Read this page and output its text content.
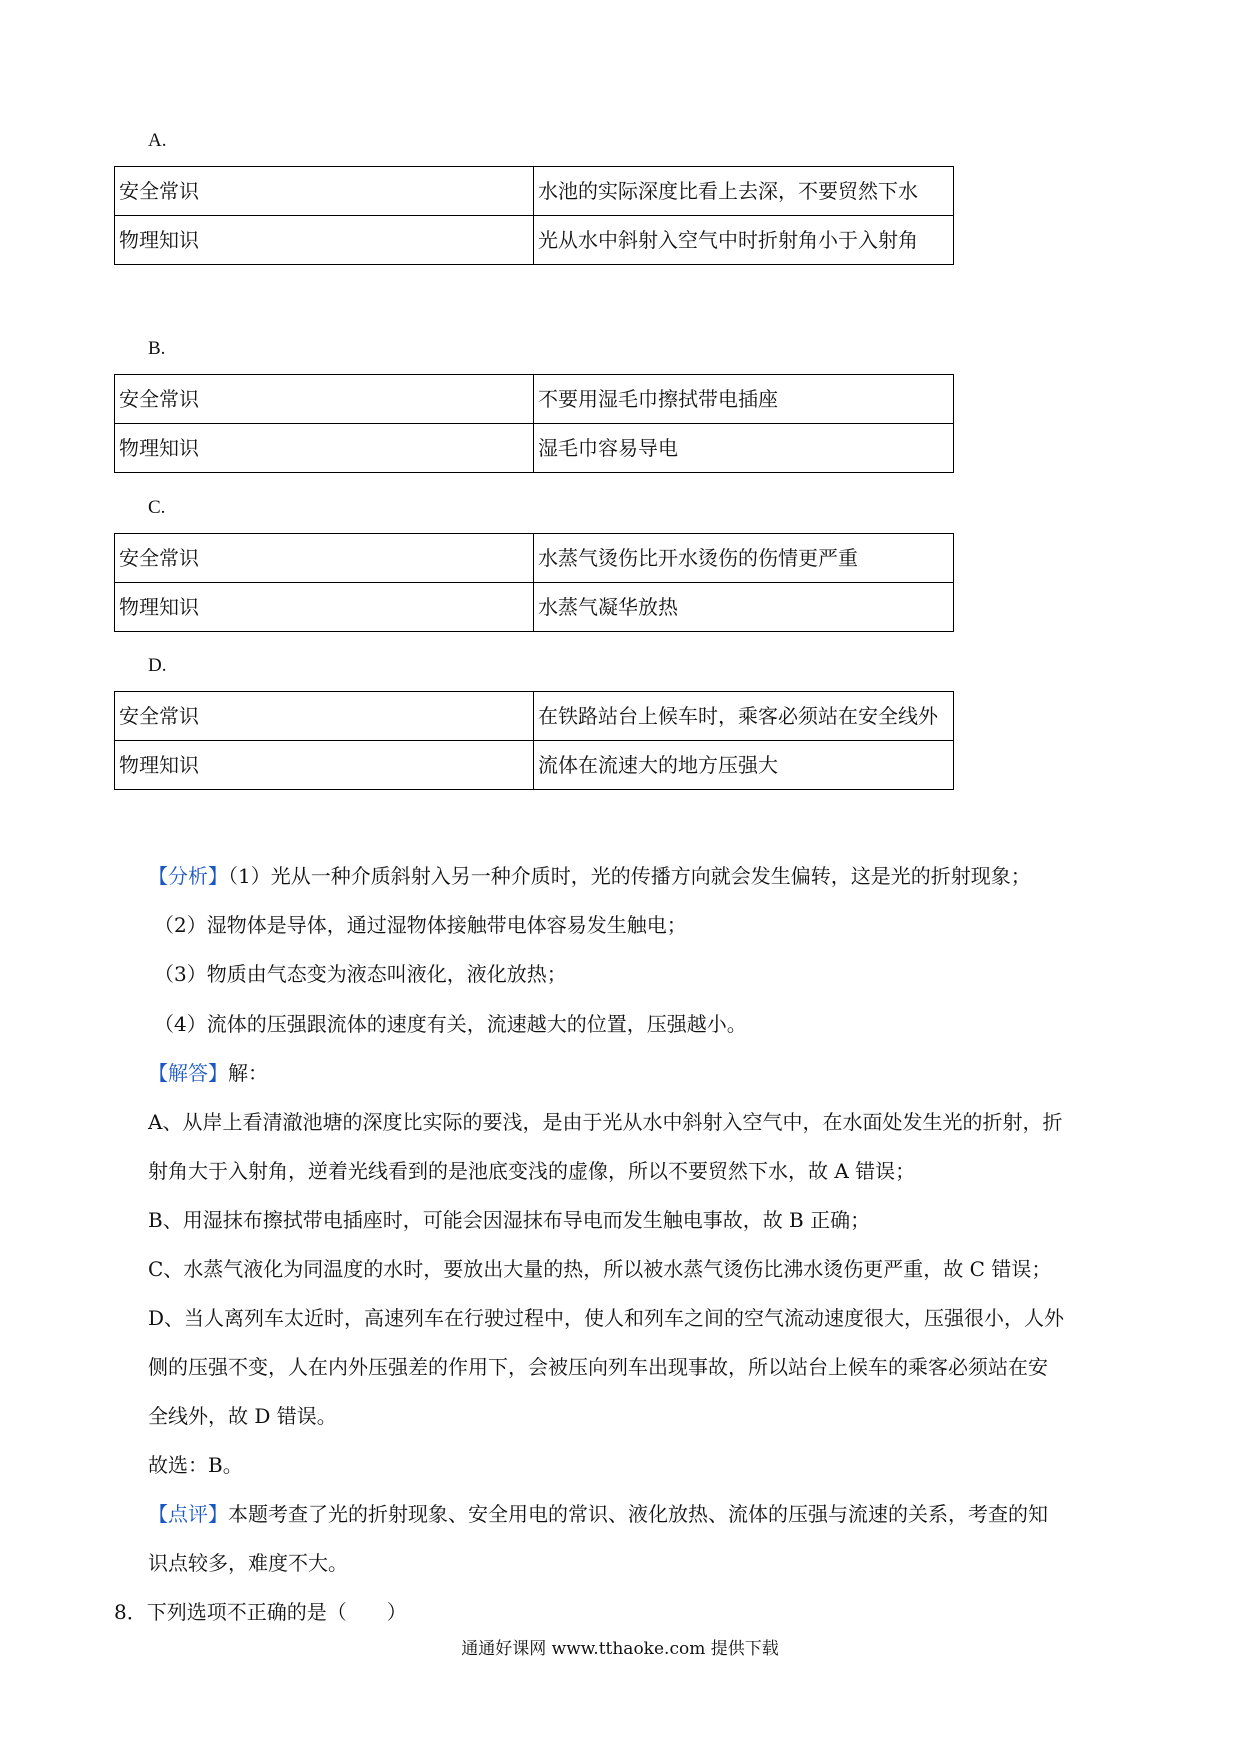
A.
安全常识	水池的实际深度比看上去深，不要贸然下水
物理知识	光从水中斜射入空气中时折射角小于入射角
B.
安全常识	不要用湿毛巾擦拭带电插座
物理知识	湿毛巾容易导电
C.
安全常识	水蒸气烫伤比开水烫伤的伤情更严重
物理知识	水蒸气凝华放热
D.
安全常识	在铁路站台上候车时，乘客必须站在安全线外
物理知识	流体在流速大的地方压强大
【分析】（1）光从一种介质斜射入另一种介质时，光的传播方向就会发生偏转，这是光的折射现象；
（2）湿物体是导体，通过湿物体接触带电体容易发生触电；
（3）物质由气态变为液态叫液化，液化放热；
（4）流体的压强跟流体的速度有关，流速越大的位置，压强越小。
【解答】解：
A、从岸上看清澈池塘的深度比实际的要浅，是由于光从水中斜射入空气中，在水面处发生光的折射，折
射角大于入射角，逆着光线看到的是池底变浅的虚像，所以不要贸然下水，故 A 错误；
B、用湿抹布擦拭带电插座时，可能会因湿抹布导电而发生触电事故，故 B 正确；
C、水蒸气液化为同温度的水时，要放出大量的热，所以被水蒸气烫伤比沸水烫伤更严重，故 C 错误；
D、当人离列车太近时，高速列车在行驶过程中，使人和列车之间的空气流动速度很大，压强很小，人外
侧的压强不变，人在内外压强差的作用下，会被压向列车出现事故，所以站台上候车的乘客必须站在安
全线外，故 D 错误。
故选：B。
【点评】本题考查了光的折射现象、安全用电的常识、液化放热、流体的压强与流速的关系，考查的知
识点较多，难度不大。
8．下列选项不正确的是（　　）
通通好课网 www.tthaoke.com 提供下载
